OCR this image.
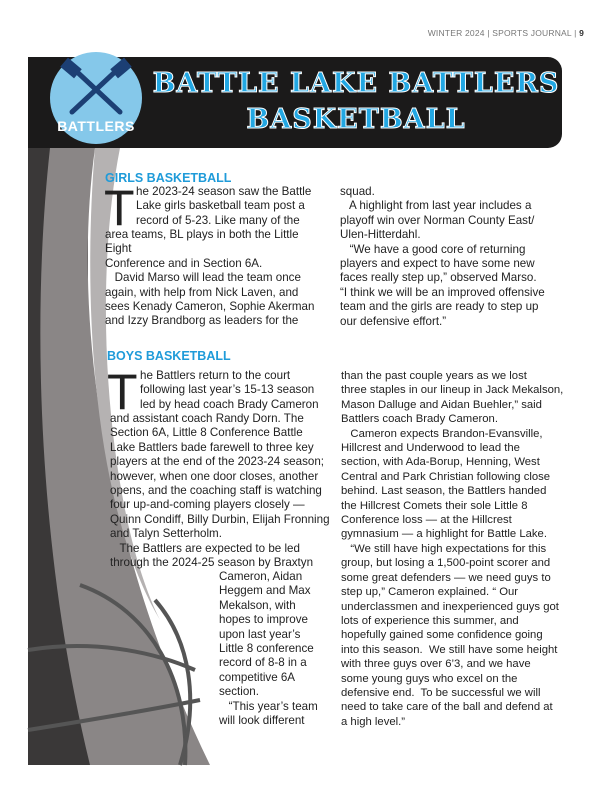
WINTER 2024 | SPORTS JOURNAL | 9
BATTLERS
BATTLE LAKE BATTLERS
BASKETBALL
GIRLS BASKETBALL
T he 2023-24 season saw the Battle
Lake girls basketball team post a
record of 5-23. Like many of the
area teams, BL plays in both the Little
Eight
Conference and in Section 6A.
David Marso will lead the team once
again, with help from Nick Laven, and
sees Kenady Cameron, Sophie Akerman
and Izzy Brandborg as leaders for the
squad.
A highlight from last year includes a
playoff win over Norman County East/
Ulen-Hitterdahl.
“We have a good core of returning
players and expect to have some new
faces really step up,” observed Marso.
“I think we will be an improved offensive
team and the girls are ready to step up
our defensive effort.”
BOYS BASKETBALL
T he Battlers return to the court
following last year’s 15-13 season
led by head coach Brady Cameron
and assistant coach Randy Dorn. The
Section 6A, Little 8 Conference Battle
Lake Battlers bade farewell to three key
players at the end of the 2023-24 season;
however, when one door closes, another
opens, and the coaching staff is watching
four up-and-coming players closely —
Quinn Condiff, Billy Durbin, Elijah Fronning
and Talyn Setterholm.
The Battlers are expected to be led
through the 2024-25 season by Braxtyn
Cameron, Aidan
Heggem and Max
Mekalson, with
hopes to improve
upon last year’s
Little 8 conference
record of 8-8 in a
competitive 6A
section.
“This year’s team
will look different
than the past couple years as we lost
three staples in our lineup in Jack Mekalson,
Mason Dalluge and Aidan Buehler,” said
Battlers coach Brady Cameron.
Cameron expects Brandon-Evansville,
Hillcrest and Underwood to lead the
section, with Ada-Borup, Henning, West
Central and Park Christian following close
behind. Last season, the Battlers handed
the Hillcrest Comets their sole Little 8
Conference loss — at the Hillcrest
gymnasium — a highlight for Battle Lake.
“We still have high expectations for this
group, but losing a 1,500-point scorer and
some great defenders — we need guys to
step up,” Cameron explained. “ Our
underclassmen and inexperienced guys got
lots of experience this summer, and
hopefully gained some confidence going
into this season.  We still have some height
with three guys over 6’3, and we have
some young guys who excel on the
defensive end.  To be successful we will
need to take care of the ball and defend at
a high level.”
